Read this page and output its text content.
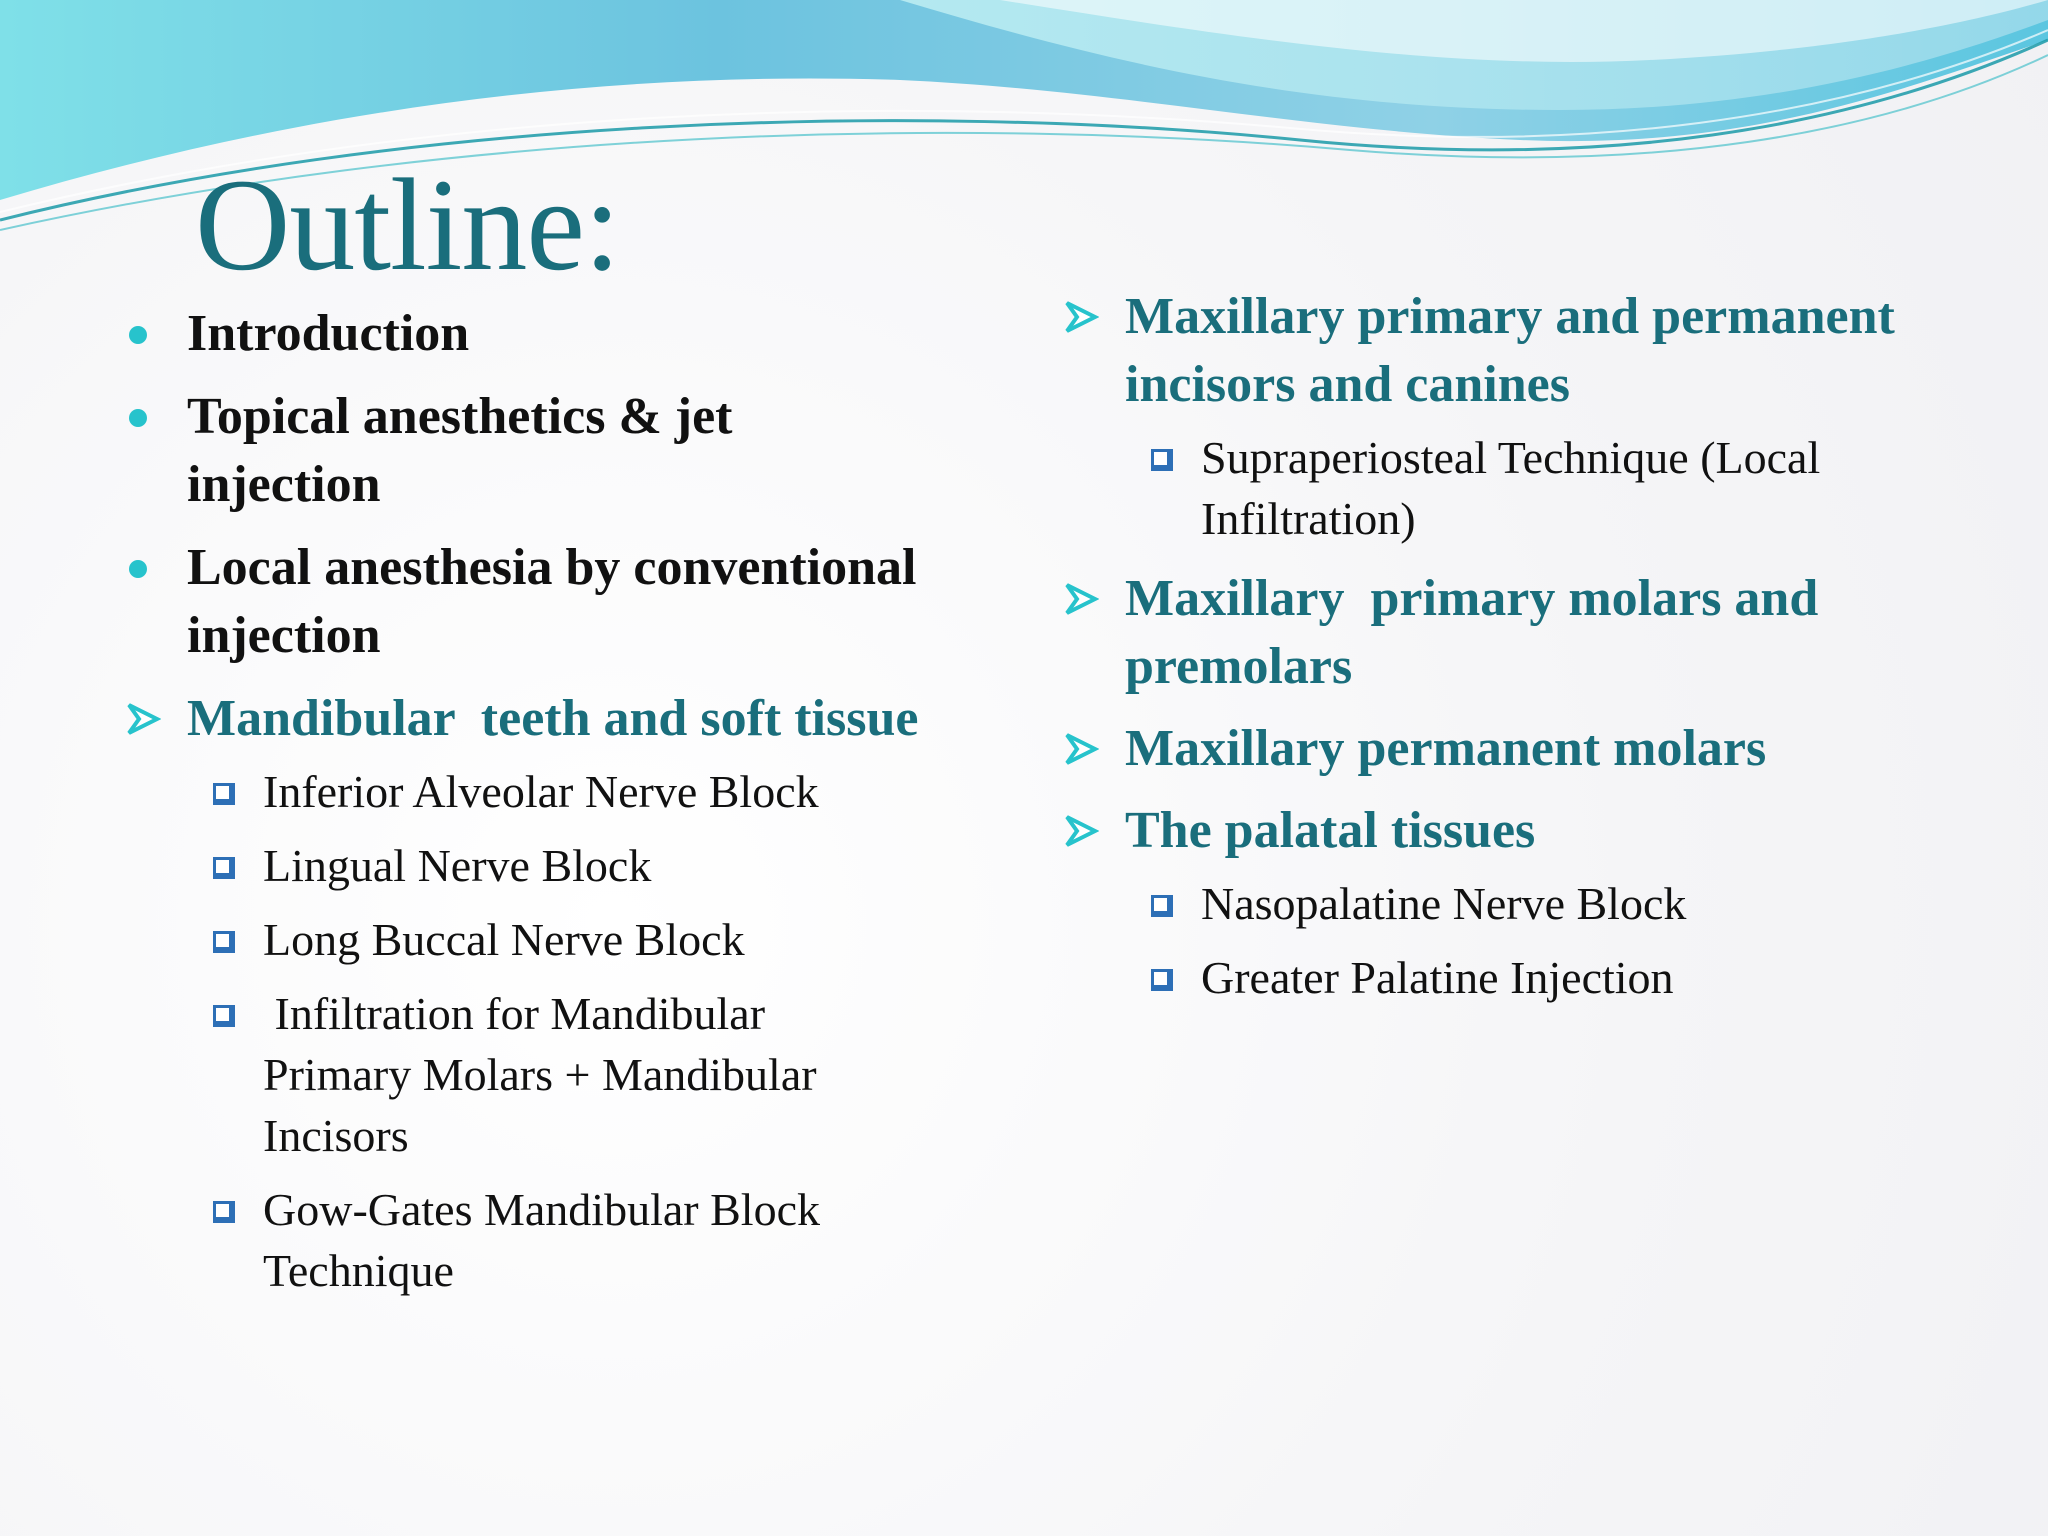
Outline:
Introduction
Topical anesthetics & jet injection
Local anesthesia by conventional injection
Mandibular  teeth and soft tissue
Inferior Alveolar Nerve Block
Lingual Nerve Block
Long Buccal Nerve Block
Infiltration for Mandibular Primary Molars + Mandibular Incisors
Gow-Gates Mandibular Block Technique
Maxillary primary and permanent incisors and canines
Supraperiosteal Technique (Local Infiltration)
Maxillary  primary molars and premolars
Maxillary permanent molars
The palatal tissues
Nasopalatine Nerve Block
Greater Palatine Injection
